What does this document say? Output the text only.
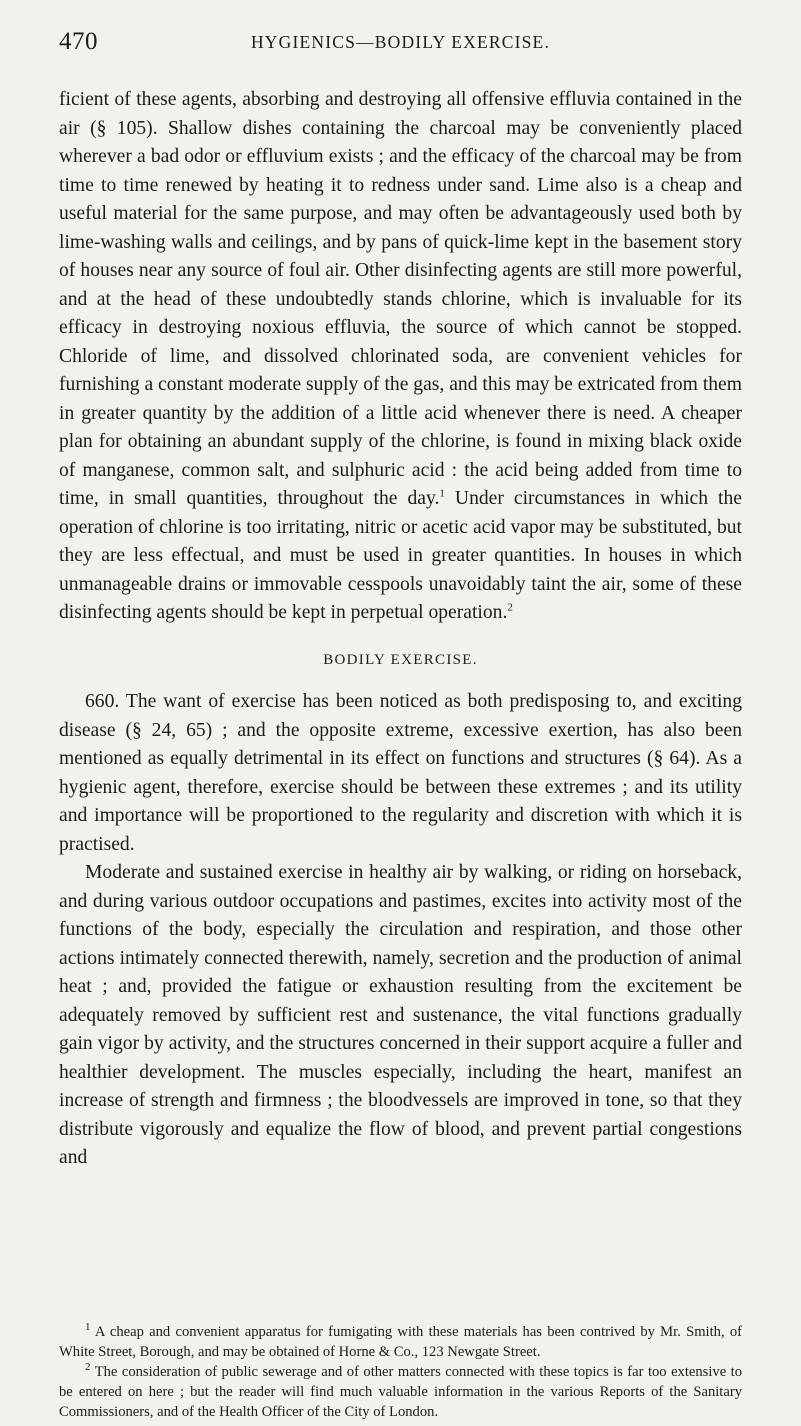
470	HYGIENICS—BODILY EXERCISE.

ficient of these agents, absorbing and destroying all offensive effluvia contained in the air (§ 105). Shallow dishes containing the charcoal may be conveniently placed wherever a bad odor or effluvium exists ; and the efficacy of the charcoal may be from time to time renewed by heating it to redness under sand. Lime also is a cheap and useful material for the same purpose, and may often be advantageously used both by lime-washing walls and ceilings, and by pans of quick-lime kept in the basement story of houses near any source of foul air. Other disinfecting agents are still more powerful, and at the head of these undoubtedly stands chlorine, which is invaluable for its efficacy in destroying noxious effluvia, the source of which cannot be stopped. Chloride of lime, and dissolved chlorinated soda, are convenient vehicles for furnishing a constant moderate supply of the gas, and this may be extricated from them in greater quantity by the addition of a little acid whenever there is need. A cheaper plan for obtaining an abundant supply of the chlorine, is found in mixing black oxide of manganese, common salt, and sulphuric acid : the acid being added from time to time, in small quantities, throughout the day.$^1$ Under circumstances in which the operation of chlorine is too irritating, nitric or acetic acid vapor may be substituted, but they are less effectual, and must be used in greater quantities. In houses in which unmanageable drains or immovable cesspools unavoidably taint the air, some of these disinfecting agents should be kept in perpetual operation.$^2$

BODILY EXERCISE.

660. The want of exercise has been noticed as both predisposing to, and exciting disease (§ 24, 65) ; and the opposite extreme, excessive exertion, has also been mentioned as equally detrimental in its effect on functions and structures (§ 64). As a hygienic agent, therefore, exercise should be between these extremes ; and its utility and importance will be proportioned to the regularity and discretion with which it is practised.

Moderate and sustained exercise in healthy air by walking, or riding on horseback, and during various outdoor occupations and pastimes, excites into activity most of the functions of the body, especially the circulation and respiration, and those other actions intimately connected therewith, namely, secretion and the production of animal heat ; and, provided the fatigue or exhaustion resulting from the excitement be adequately removed by sufficient rest and sustenance, the vital functions gradually gain vigor by activity, and the structures concerned in their support acquire a fuller and healthier development. The muscles especially, including the heart, manifest an increase of strength and firmness ; the bloodvessels are improved in tone, so that they distribute vigorously and equalize the flow of blood, and prevent partial congestions and

$^1$ A cheap and convenient apparatus for fumigating with these materials has been contrived by Mr. Smith, of White Street, Borough, and may be obtained of Horne & Co., 123 Newgate Street.

$^2$ The consideration of public sewerage and of other matters connected with these topics is far too extensive to be entered on here ; but the reader will find much valuable information in the various Reports of the Sanitary Commissioners, and of the Health Officer of the City of London.
